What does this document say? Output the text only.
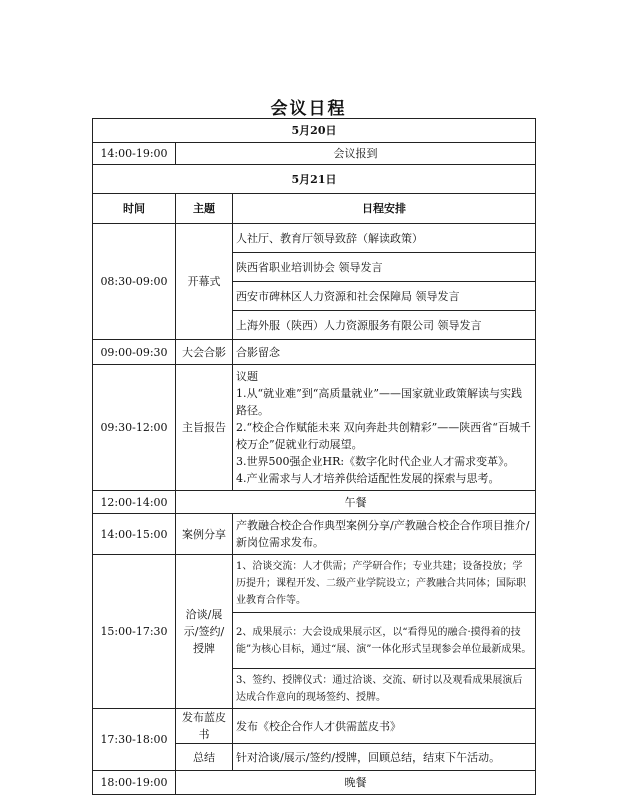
会议日程
5月20日		
14:00-19:00	会议报到	
5月21日		
时间	主题	日程安排
08:30-09:00	开幕式	人社厅、教育厅领导致辞（解读政策）
		陕西省职业培训协会 领导发言
		西安市碑林区人力资源和社会保障局 领导发言
		上海外服（陕西）人力资源服务有限公司 领导发言
09:00-09:30	大会合影	合影留念
09:30-12:00	主旨报告	议题
1.从“就业难”到“高质量就业”——国家就业政策解读与实践路径。
2.“校企合作赋能未来 双向奔赴共创精彩”——陕西省“百城千校万企”促就业行动展望。
3.世界500强企业HR:《数字化时代企业人才需求变革》。
4.产业需求与人才培养供给适配性发展的探索与思考。

12:00-14:00	午餐	
14:00-15:00	案例分享	产教融合校企合作典型案例分享/产教融合校企合作项目推介/新岗位需求发布。
15:00-17:30	洽谈/展示/签约/授牌	1、洽谈交流：人才供需；产学研合作；专业共建；设备投放；学历提升；课程开发、二级产业学院设立；产教融合共同体；国际职业教育合作等。
		2、成果展示：大会设成果展示区，以“看得见的融合·摸得着的技能”为核心目标，通过“展、演”一体化形式呈现参会单位最新成果。
		3、签约、授牌仪式：通过洽谈、交流、研讨以及观看成果展演后达成合作意向的现场签约、授牌。
17:30-18:00	发布蓝皮书	发布《校企合作人才供需蓝皮书》
	总结	针对洽谈/展示/签约/授牌，回顾总结，结束下午活动。
18:00-19:00	晚餐	
